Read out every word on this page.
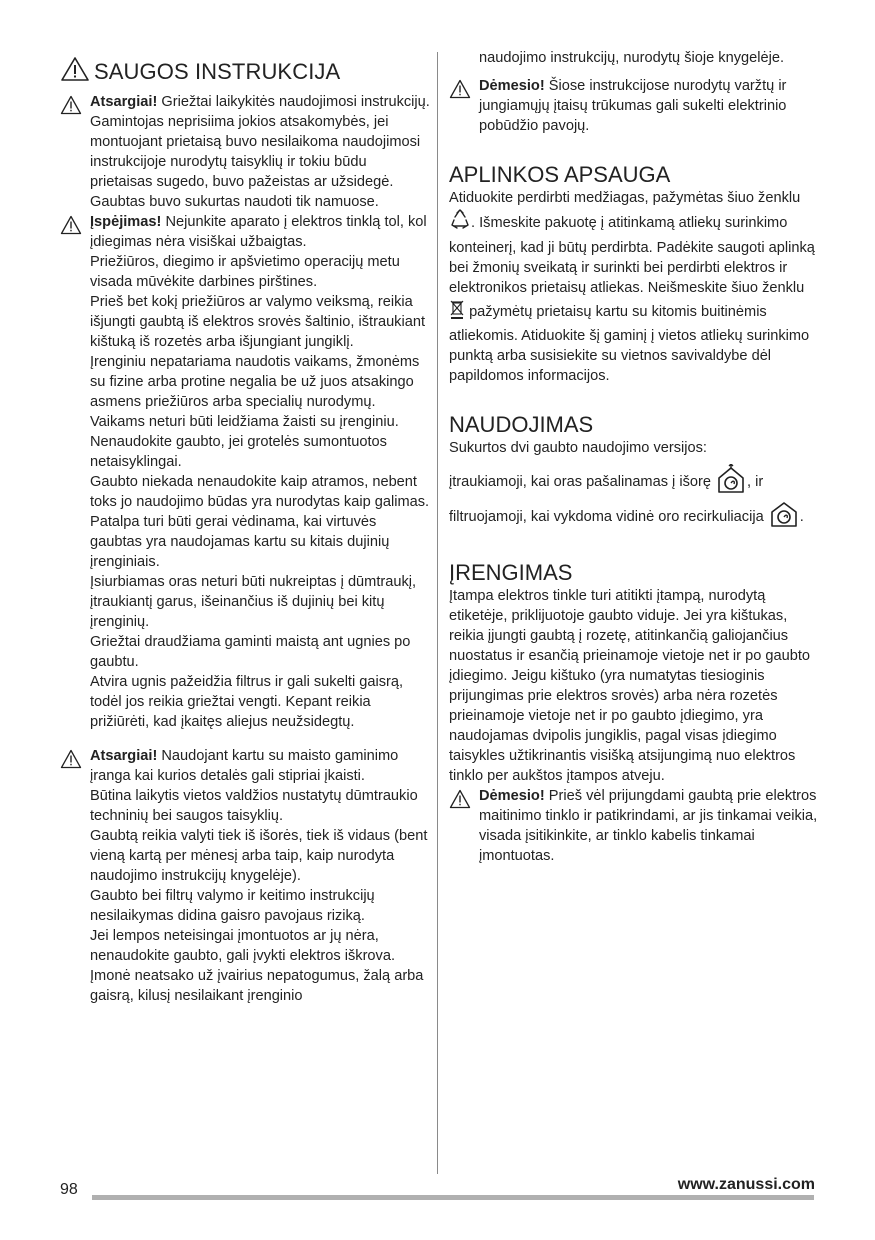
SAUGOS INSTRUKCIJA
Atsargiai! Griežtai laikykitės naudojimosi instrukcijų. Gamintojas neprisiima jokios atsakomybės, jei montuojant prietaisą buvo nesilaikoma naudojimosi instrukcijoje nurodytų taisyklių ir tokiu būdu prietaisas sugedo, buvo pažeistas ar užsidegė. Gaubtas buvo sukurtas naudoti tik namuose.
Įspėjimas! Nejunkite aparato į elektros tinklą tol, kol įdiegimas nėra visiškai užbaigtas.
Priežiūros, diegimo ir apšvietimo operacijų metu visada mūvėkite darbines pirštines.
Prieš bet kokį priežiūros ar valymo veiksmą, reikia išjungti gaubtą iš elektros srovės šaltinio, ištraukiant kištuką iš rozetės arba išjungiant jungiklį.
Įrenginiu nepatariama naudotis vaikams, žmonėms su fizine arba protine negalia be už juos atsakingo asmens priežiūros arba specialių nurodymų.
Vaikams neturi būti leidžiama žaisti su įrenginiu. Nenaudokite gaubto, jei grotelės sumontuotos netaisyklingai.
Gaubto niekada nenaudokite kaip atramos, nebent toks jo naudojimo būdas yra nurodytas kaip galimas.
Patalpa turi būti gerai vėdinama, kai virtuvės gaubtas yra naudojamas kartu su kitais dujinių įrenginiais.
Įsiurbiamas oras neturi būti nukreiptas į dūmtraukį, įtraukiantį garus, išeinančius iš dujinių bei kitų įrenginių.
Griežtai draudžiama gaminti maistą ant ugnies po gaubtu.
Atvira ugnis pažeidžia filtrus ir gali sukelti gaisrą, todėl jos reikia griežtai vengti. Kepant reikia prižiūrėti, kad įkaitęs aliejus neužsidegtų.
Atsargiai! Naudojant kartu su maisto gaminimo įranga kai kurios detalės gali stipriai įkaisti.
Būtina laikytis vietos valdžios nustatytų dūmtraukio techninių bei saugos taisyklių.
Gaubtą reikia valyti tiek iš išorės, tiek iš vidaus (bent vieną kartą per mėnesį arba taip, kaip nurodyta naudojimo instrukcijų knygelėje).
Gaubto bei filtrų valymo ir keitimo instrukcijų nesilaikymas didina gaisro pavojaus riziką.
Jei lempos neteisingai įmontuotos ar jų nėra, nenaudokite gaubto, gali įvykti elektros iškrova.
Įmonė neatsako už įvairius nepatogumus, žalą arba gaisrą, kilusį nesilaikant įrenginio
naudojimo instrukcijų, nurodytų šioje knygelėje.
Dėmesio! Šiose instrukcijose nurodytų varžtų ir jungiamųjų įtaisų trūkumas gali sukelti elektrinio pobūdžio pavojų.
APLINKOS APSAUGA
Atiduokite perdirbti medžiagas, pažymėtas šiuo ženklu . Išmeskite pakuotę į atitinkamą atliekų surinkimo konteinerį, kad ji būtų perdirbta. Padėkite saugoti aplinką bei žmonių sveikatą ir surinkti bei perdirbti elektros ir elektronikos prietaisų atliekas. Neišmeskite šiuo ženklu  pažymėtų prietaisų kartu su kitomis buitinėmis atliekomis. Atiduokite šį gaminį į vietos atliekų surinkimo punktą arba susisiekite su vietnos savivaldybe dėl papildomos informacijos.
NAUDOJIMAS
Sukurtos dvi gaubto naudojimo versijos:
įtraukiamoji, kai oras pašalinamas į išorę , ir filtruojamoji, kai vykdoma vidinė oro recirkuliacija .
ĮRENGIMAS
Įtampa elektros tinkle turi atitikti įtampą, nurodytą etiketėje, priklijuotoje gaubto viduje. Jei yra kištukas, reikia įjungti gaubtą į rozetę, atitinkančią galiojančius nuostatus ir esančią prieinamoje vietoje net ir po gaubto įdiegimo. Jeigu kištuko (yra numatytas tiesioginis prijungimas prie elektros srovės) arba nėra rozetės prieinamoje vietoje net ir po gaubto įdiegimo, yra naudojamas dvipolis jungiklis, pagal visas įdiegimo taisykles užtikrinantis visišką atsijungimą nuo elektros tinklo per aukštos įtampos atveju.
Dėmesio! Prieš vėl prijungdami gaubtą prie elektros maitinimo tinklo ir patikrindami, ar jis tinkamai veikia, visada įsitikinkite, ar tinklo kabelis tinkamai įmontuotas.
98	www.zanussi.com
